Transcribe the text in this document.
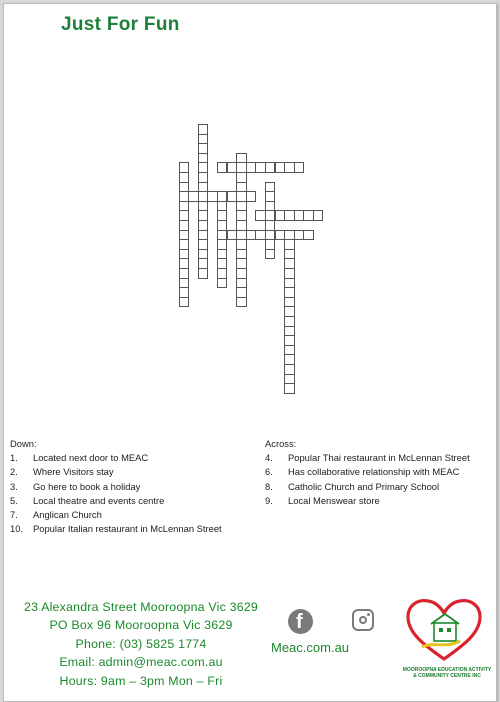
Just For Fun
Down:
1.	Located next door to MEAC
2.	Where Visitors stay
3.	Go here to book a holiday
5.	Local theatre and events centre
7.	Anglican Church
10.	Popular Italian restaurant in McLennan Street
Across:
4.	Popular Thai restaurant in McLennan Street
6.	Has collaborative relationship with MEAC
8.	Catholic Church and Primary School
9.	Local Menswear store
23 Alexandra Street Mooroopna Vic 3629
PO Box 96 Mooroopna Vic 3629
Phone: (03) 5825 1774
Email: admin@meac.com.au
Hours: 9am – 3pm Mon – Fri
f
Meac.com.au
MOOROOPNA EDUCATION ACTIVITY & COMMUNITY CENTRE INC
